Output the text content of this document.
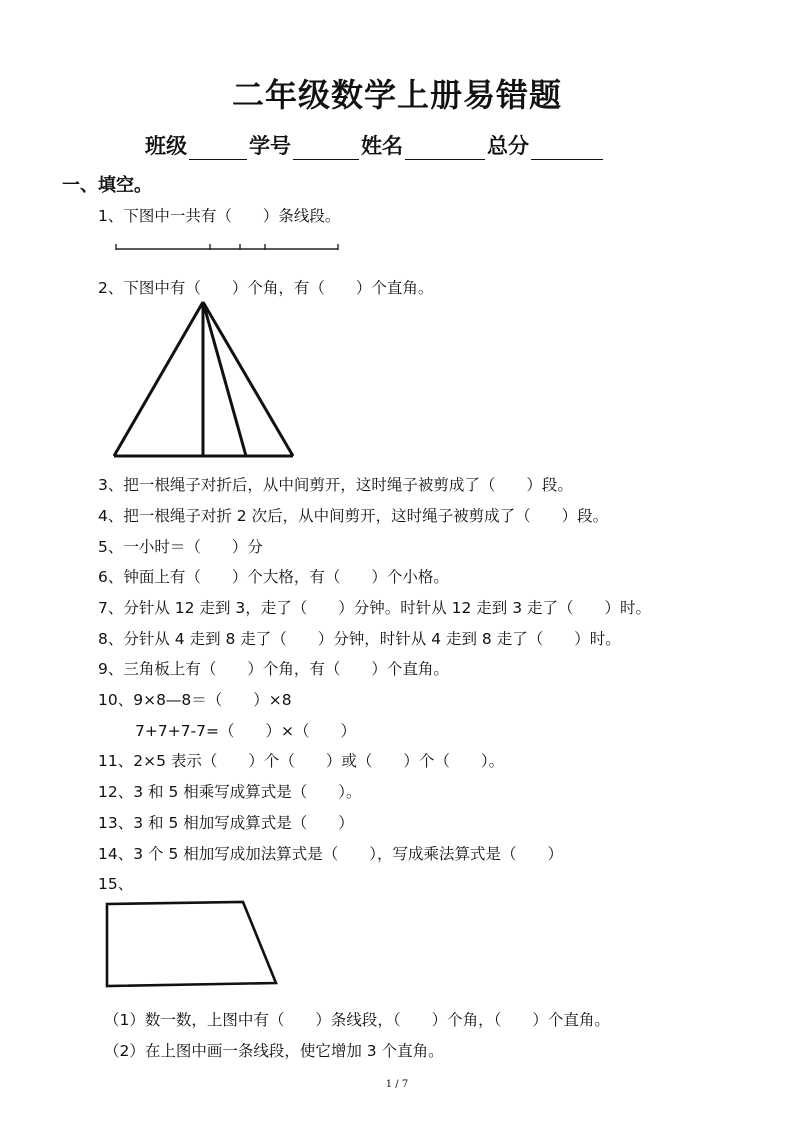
二年级数学上册易错题
班级	学号	姓名	总分
一、填空。
1、下图中一共有（　　）条线段。
2、下图中有（　　）个角，有（　　）个直角。
3、把一根绳子对折后，从中间剪开，这时绳子被剪成了（　　）段。
4、把一根绳子对折 2 次后，从中间剪开，这时绳子被剪成了（　　）段。
5、一小时＝（　　）分
6、钟面上有（　　）个大格，有（　　）个小格。
7、分针从 12 走到 3，走了（　　）分钟。时针从 12 走到 3 走了（　　）时。
8、分针从 4 走到 8 走了（　　）分钟，时针从 4 走到 8 走了（　　）时。
9、三角板上有（　　）个角，有（　　）个直角。
10、9×8—8＝（　　）×8
7+7+7-7=（　　）×（　　）
11、2×5 表示（　　）个（　　）或（　　）个（　　）。
12、3 和 5 相乘写成算式是（　　）。
13、3 和 5 相加写成算式是（　　）
14、3 个 5 相加写成加法算式是（　　），写成乘法算式是（　　）
15、
（1）数一数，上图中有（　　）条线段，（　　）个角，（　　）个直角。
（2）在上图中画一条线段，使它增加 3 个直角。
1 / 7
